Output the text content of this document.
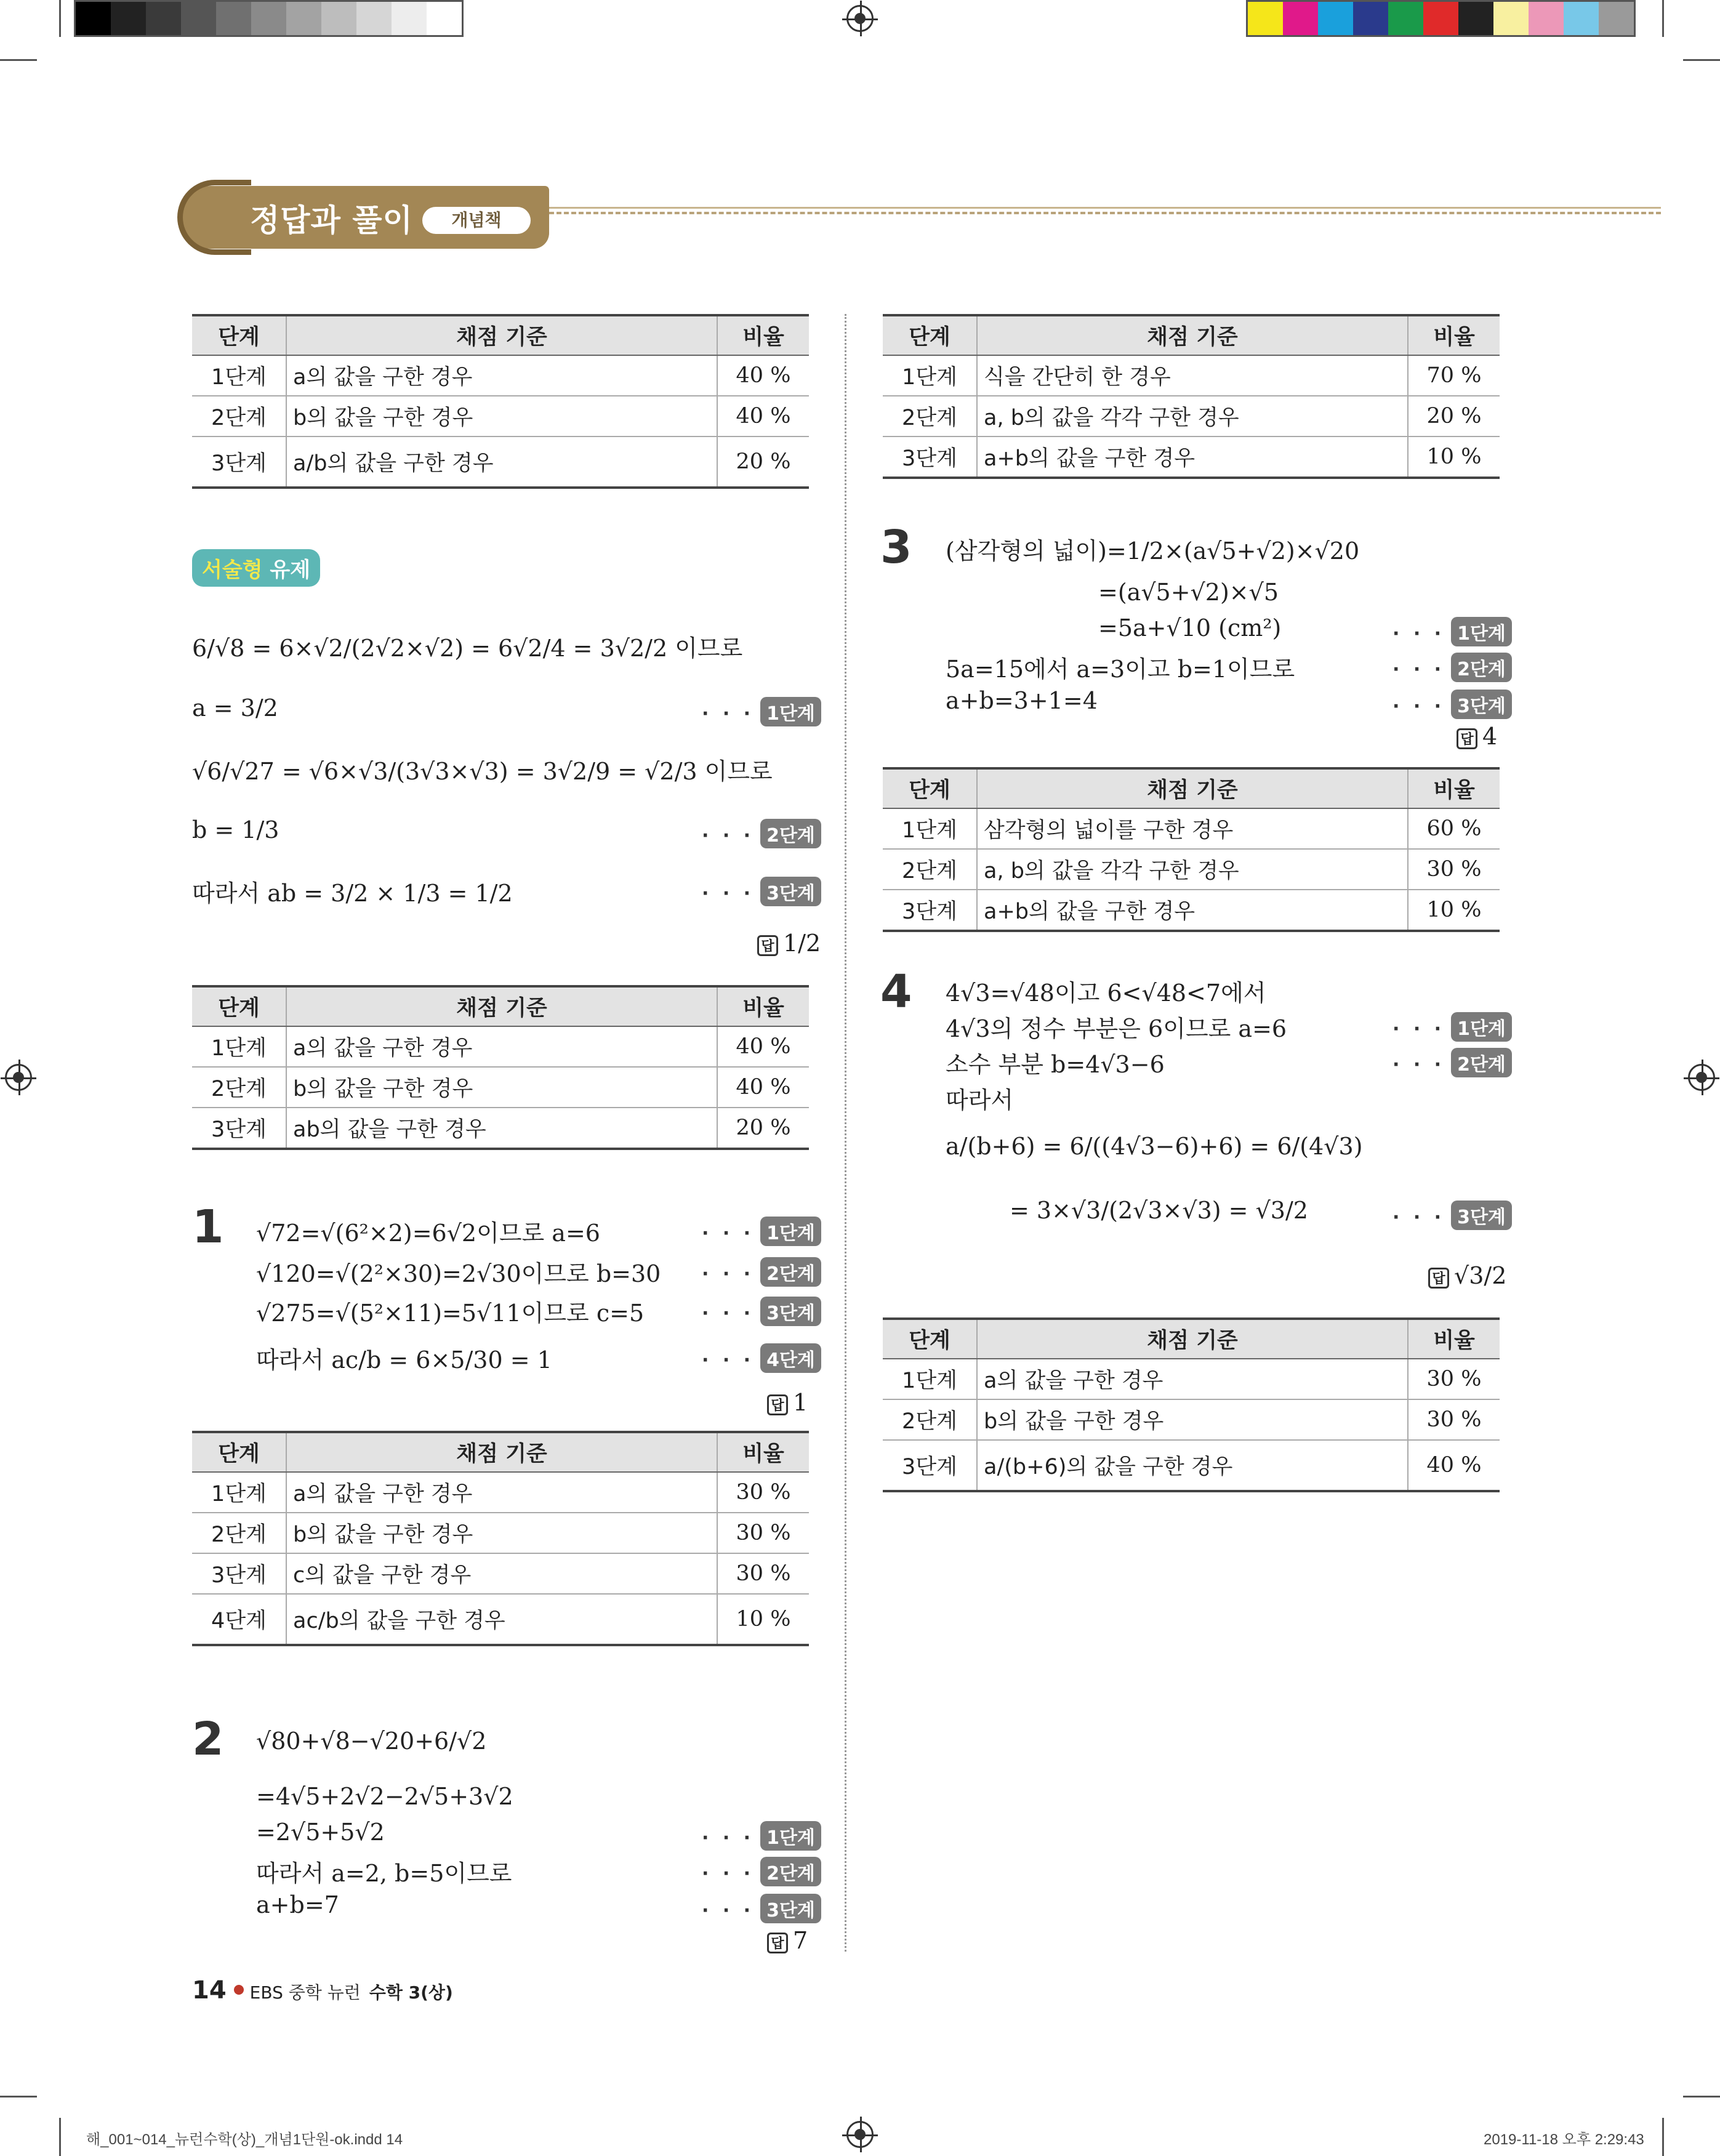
정답과 풀이	개념책
단계	채점 기준	비율
1단계	a의 값을 구한 경우	40 %
2단계	b의 값을 구한 경우	40 %
3단계	a/b의 값을 구한 경우	20 %
서술형 유제
6/√8 = 6×√2/(2√2×√2) = 6√2/4 = 3√2/2 이므로
a = 3/2	· · · 1단계
√6/√27 = √6×√3/(3√3×√3) = 3√2/9 = √2/3 이므로
b = 1/3	· · · 2단계
따라서 ab = 3/2 × 1/3 = 1/2	· · · 3단계
답 1/2
단계	채점 기준	비율
1단계	a의 값을 구한 경우	40 %
2단계	b의 값을 구한 경우	40 %
3단계	ab의 값을 구한 경우	20 %
1 √72=√(6²×2)=6√2이므로 a=6	· · · 1단계
√120=√(2²×30)=2√30이므로 b=30 · · · 2단계
√275=√(5²×11)=5√11이므로 c=5	· · · 3단계
따라서 ac/b = 6×5/30 = 1	· · · 4단계
답 1
단계	채점 기준	비율
1단계	a의 값을 구한 경우	30 %
2단계	b의 값을 구한 경우	30 %
3단계	c의 값을 구한 경우	30 %
4단계	ac/b의 값을 구한 경우	10 %
2 √80+√8−√20+6/√2
=4√5+2√2−2√5+3√2
=2√5+5√2	· · · 1단계
따라서 a=2, b=5이므로	· · · 2단계
a+b=7	· · · 3단계
답 7
단계	채점 기준	비율
1단계	식을 간단히 한 경우	70 %
2단계	a, b의 값을 각각 구한 경우	20 %
3단계	a+b의 값을 구한 경우	10 %
3 (삼각형의 넓이)=1/2×(a√5+√2)×√20
=(a√5+√2)×√5
=5a+√10 (cm²)	· · · 1단계
5a=15에서 a=3이고 b=1이므로	· · · 2단계
a+b=3+1=4	· · · 3단계
답 4
단계	채점 기준	비율
1단계	삼각형의 넓이를 구한 경우	60 %
2단계	a, b의 값을 각각 구한 경우	30 %
3단계	a+b의 값을 구한 경우	10 %
4 4√3=√48이고 6<√48<7에서
4√3의 정수 부분은 6이므로 a=6	· · · 1단계
소수 부분 b=4√3−6	· · · 2단계
따라서
a/(b+6) = 6/((4√3−6)+6) = 6/(4√3)
= 3×√3/(2√3×√3) = √3/2	· · · 3단계
답 √3/2
단계	채점 기준	비율
1단계	a의 값을 구한 경우	30 %
2단계	b의 값을 구한 경우	30 %
3단계	a/(b+6)의 값을 구한 경우	40 %
14 EBS 중학 뉴런 수학 3(상)
해_001~014_뉴런수학(상)_개념1단원-ok.indd 14	2019-11-18 오후 2:29:43
